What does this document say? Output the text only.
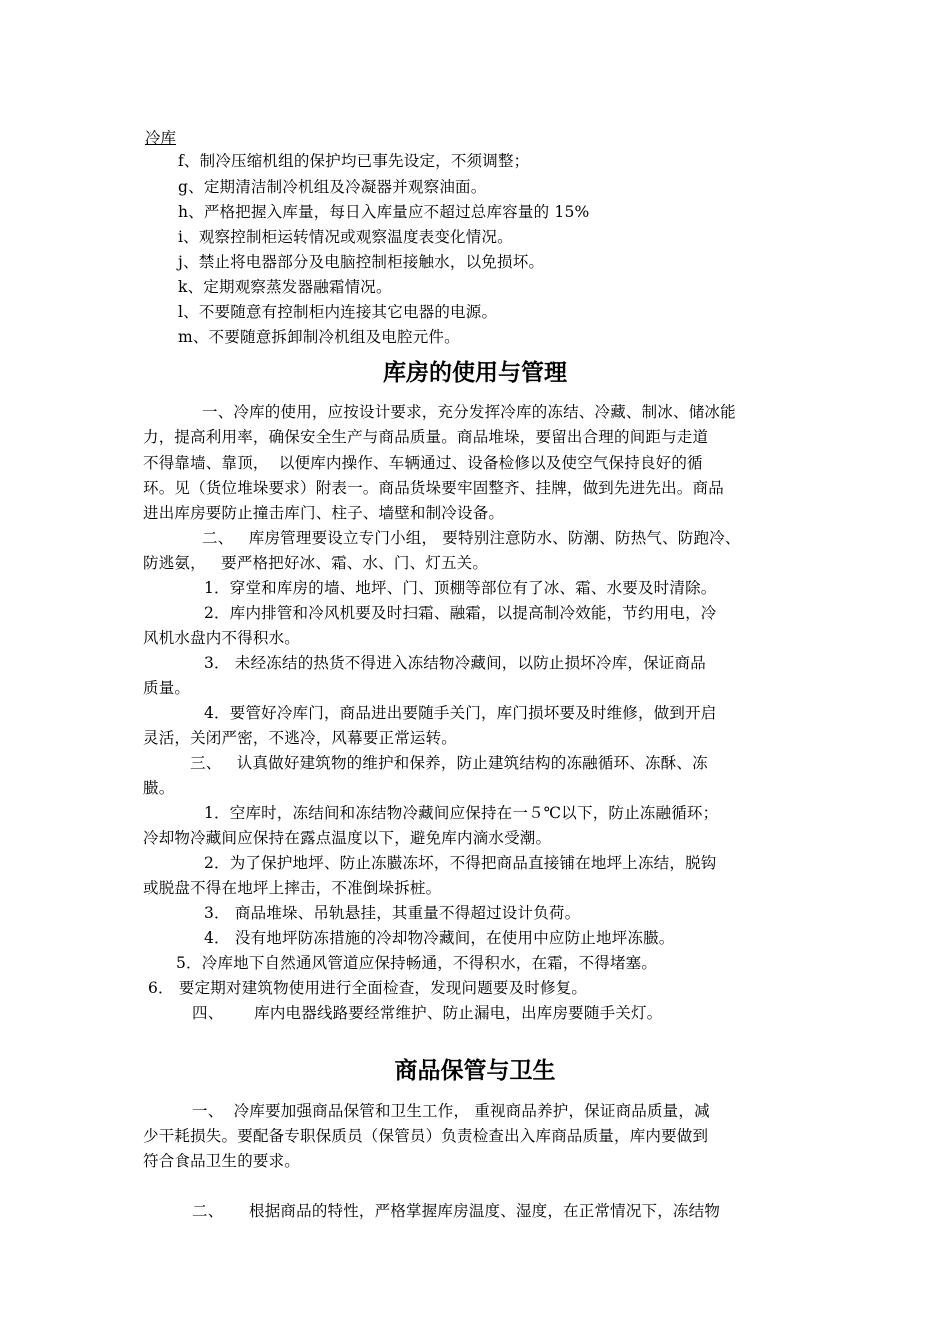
冷库
f、制冷压缩机组的保护均已事先设定，不须调整；
g、定期清洁制冷机组及冷凝器并观察油面。
h、严格把握入库量，每日入库量应不超过总库容量的 15%
i、观察控制柜运转情况或观察温度表变化情况。
j、禁止将电器部分及电脑控制柜接触水，以免损坏。
k、定期观察蒸发器融霜情况。
l、不要随意有控制柜内连接其它电器的电源。
m、不要随意拆卸制冷机组及电腔元件。
库房的使用与管理
一、冷库的使用，应按设计要求，充分发挥冷库的冻结、冷藏、制冰、储冰能
力，提高利用率，确保安全生产与商品质量。商品堆垛，要留出合理的间距与走道
不得靠墙、靠顶，  以便库内操作、车辆通过、设备检修以及使空气保持良好的循
环。见（货位堆垛要求）附表一。商品货垛要牢固整齐、挂牌，做到先进先出。商品
进出库房要防止撞击库门、柱子、墙壁和制冷设备。
二、   库房管理要设立专门小组， 要特别注意防水、防潮、防热气、防跑冷、
防逃氨，   要严格把好冰、霜、水、门、灯五关。
1．穿堂和库房的墙、地坪、门、顶棚等部位有了冰、霜、水要及时清除。
2．库内排管和冷风机要及时扫霜、融霜，以提高制冷效能，节约用电，冷
风机水盘内不得积水。
3． 未经冻结的热货不得进入冻结物冷藏间，以防止损坏冷库，保证商品
质量。
4．要管好冷库门，商品进出要随手关门，库门损坏要及时维修，做到开启
灵活，关闭严密，不逃冷，风幕要正常运转。
三、   认真做好建筑物的维护和保养，防止建筑结构的冻融循环、冻酥、冻
臌。
1．空库时，冻结间和冻结物冷藏间应保持在一５℃以下，防止冻融循环；
冷却物冷藏间应保持在露点温度以下，避免库内滴水受潮。
2．为了保护地坪、防止冻臌冻坏，不得把商品直接铺在地坪上冻结，脱钩
或脱盘不得在地坪上摔击，不准倒垛拆桩。
3． 商品堆垛、吊轨悬挂，其重量不得超过设计负荷。
4． 没有地坪防冻措施的冷却物冷藏间，在使用中应防止地坪冻臌。
5．冷库地下自然通风管道应保持畅通，不得积水，在霜，不得堵塞。
6． 要定期对建筑物使用进行全面检查，发现问题要及时修复。
四、      库内电器线路要经常维护、防止漏电，出库房要随手关灯。
商品保管与卫生
一、  冷库要加强商品保管和卫生工作， 重视商品养护，保证商品质量，减
少干耗损失。要配备专职保质员（保管员）负责检查出入库商品质量，库内要做到
符合食品卫生的要求。
二、     根据商品的特性，严格掌握库房温度、湿度，在正常情况下，冻结物
